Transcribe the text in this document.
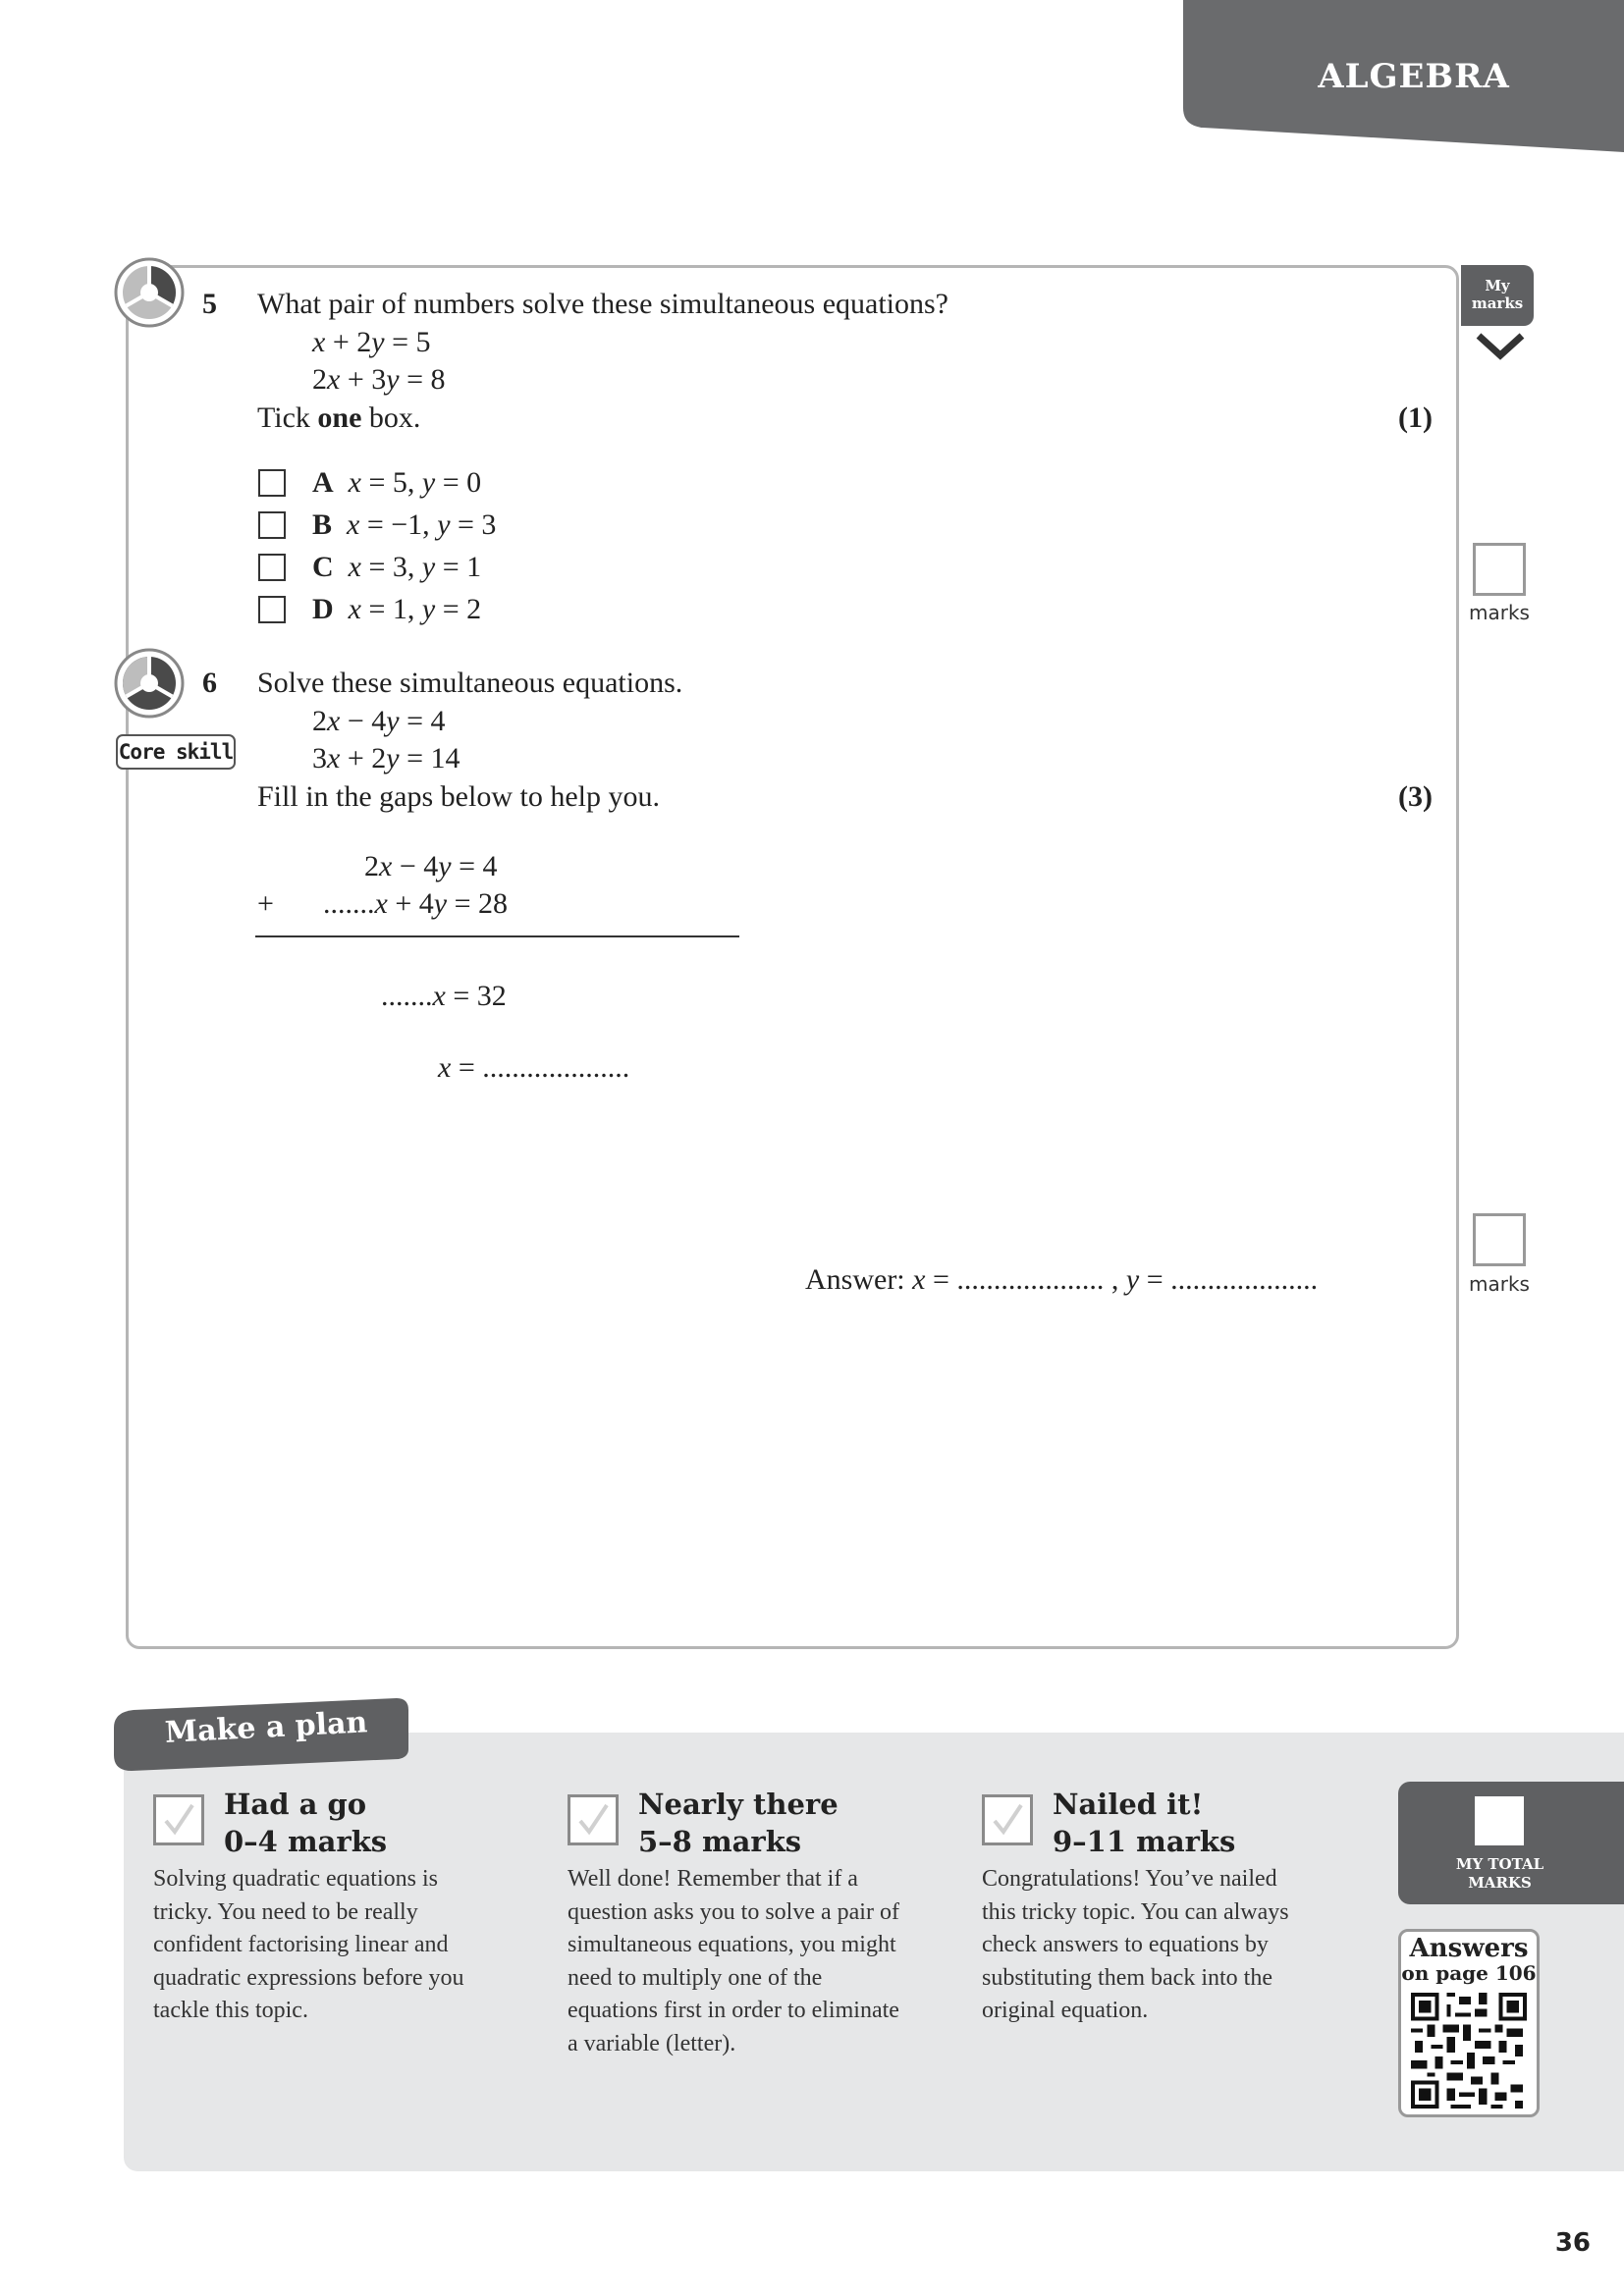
ALGEBRA
5 What pair of numbers solve these simultaneous equations?
x + 2y = 5
2x + 3y = 8
Tick one box.	(1)
A x = 5, y = 0
B x = −1, y = 3
C x = 3, y = 1
D x = 1, y = 2
Core skill
6 Solve these simultaneous equations.
2x − 4y = 4
3x + 2y = 14
Fill in the gaps below to help you.	(3)
2x − 4y = 4
+ .......x + 4y = 28
.......x = 32
x = ....................
Answer: x = .................... , y = ....................
My marks
marks
marks
Make a plan
Had a go
0–4 marks
Solving quadratic equations is
tricky. You need to be really
confident factorising linear and
quadratic expressions before you
tackle this topic.
Nearly there
5–8 marks
Well done! Remember that if a
question asks you to solve a pair of
simultaneous equations, you might
need to multiply one of the
equations first in order to eliminate
a variable (letter).
Nailed it!
9–11 marks
Congratulations! You’ve nailed
this tricky topic. You can always
check answers to equations by
substituting them back into the
original equation.
MY TOTAL MARKS
Answers
on page 106
36
